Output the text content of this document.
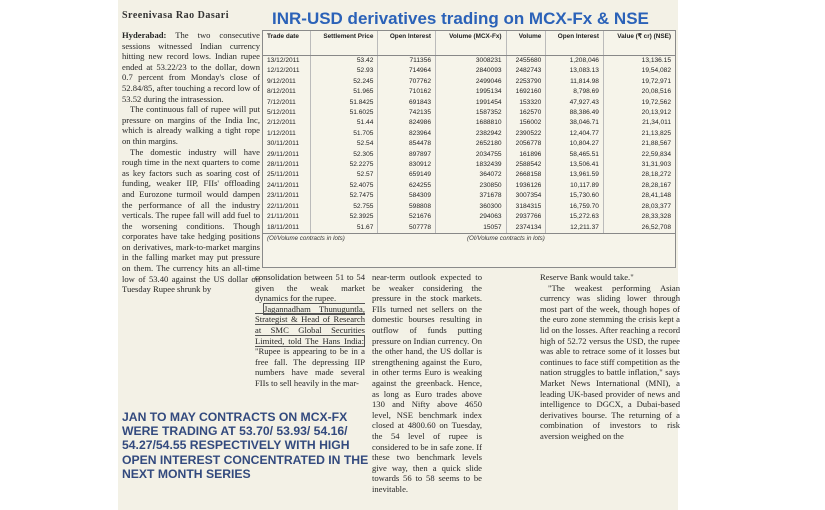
Sreenivasa Rao Dasari	INR-USD derivatives trading on MCX-Fx & NSE

Hyderabad: The two consecutive sessions witnessed Indian currency hitting new record lows. Indian rupee ended at 53.22/23 to the dollar, down 0.7 percent from Monday's close of 52.84/85, after touching a record low of 53.52 during the intrasession.

The continuous fall of rupee will put pressure on margins of the India Inc, which is already walking a tight rope on thin margins.

The domestic industry will have rough time in the next quarters to come as key factors such as soaring cost of funding, weaker IIP, FIIs' offloading and Eurozone turmoil would dampen the performance of all the industry verticals. The rupee fall will add fuel to the worsening conditions. Though corporates have take hedging positions on derivatives, mark-to-market margins in the falling market may put pressure on them. The currency hits an all-time low of 53.40 against the US dollar on Tuesday Rupee shrunk by

Trade date	Settlement Price	Open Interest	Volume (MCX-Fx)	Volume	Open Interest	Value (₹ cr) (NSE)
13/12/2011	53.42	711356	3008231	2455680	1,208,046	13,136.15
12/12/2011	52.93	714964	2840093	2482743	13,083.13	19,54,082
9/12/2011	52.245	707762	2499046	2253790	11,814.98	19,72,971
8/12/2011	51.965	710162	1995134	1692160	8,798.69	20,08,516
7/12/2011	51.8425	691843	1991454	153320	47,927.43	19,72,562
5/12/2011	51.6025	742135	1587352	162570	88,386.49	20,13,912
2/12/2011	51.44	824986	1688810	156002	38,046.71	21,34,011
1/12/2011	51.705	823964	2382942	2390522	12,404.77	21,13,825
30/11/2011	52.54	854478	2652180	2056778	10,804.27	21,88,567
29/11/2011	52.305	897897	2034755	161896	58,465.51	22,59,834
28/11/2011	52.2275	830912	1832439	2588542	13,506.41	31,31,903
25/11/2011	52.57	659149	364072	2668158	13,961.59	28,18,272
24/11/2011	52.4075	624255	230850	1936126	10,117.89	28,28,167
23/11/2011	52.7475	584309	371678	3007354	15,730.60	28,41,148
22/11/2011	52.755	598808	360300	3184315	16,759.70	28,03,377
21/11/2011	52.3925	521676	294063	2937766	15,272.63	28,33,328
18/11/2011	51.67	507778	15057	2374134	12,211.37	26,52,708
(OI/Volume contracts in lots)	(OI/Volume contracts in lots)

consolidation between 51 to 54 given the weak market dynamics for the rupee.

Jagannadham Thunuguntla, Strategist & Head of Research at SMC Global Securities Limited, told The Hans India: "Rupee is appearing to be in a free fall. The depressing IIP numbers have made several FIIs to sell heavily in the mar-

near-term outlook expected to be weaker considering the pressure in the stock markets. FIIs turned net sellers on the domestic bourses resulting in outflow of funds putting pressure on Indian currency. On the other hand, the US dollar is strengthening against the Euro, in other terms Euro is weaking against the greenback. Hence, as long as Euro trades above 130 and Nifty above 4650 level, NSE benchmark index closed at 4800.60 on Tuesday, the 54 level of rupee is considered to be in safe zone. If these two benchmark levels give way, then a quick slide towards 56 to 58 seems to be inevitable.

Reserve Bank would take."

"The weakest performing Asian currency was sliding lower through most part of the week, though hopes of the euro zone stemming the crisis kept a lid on the losses. After reaching a record high of 52.72 versus the USD, the rupee was able to retrace some of it losses but continues to face stiff competition as the nation struggles to battle inflation," says Market News International (MNI), a leading UK-based provider of news and intelligence to DGCX, a Dubai-based derivatives bourse. The returning of a combination of investors to risk aversion weighed on the

JAN TO MAY CONTRACTS ON MCX-FX WERE TRADING AT 53.70/ 53.93/ 54.16/ 54.27/54.55 RESPECTIVELY WITH HIGH OPEN INTEREST CONCENTRATED IN THE NEXT MONTH SERIES
